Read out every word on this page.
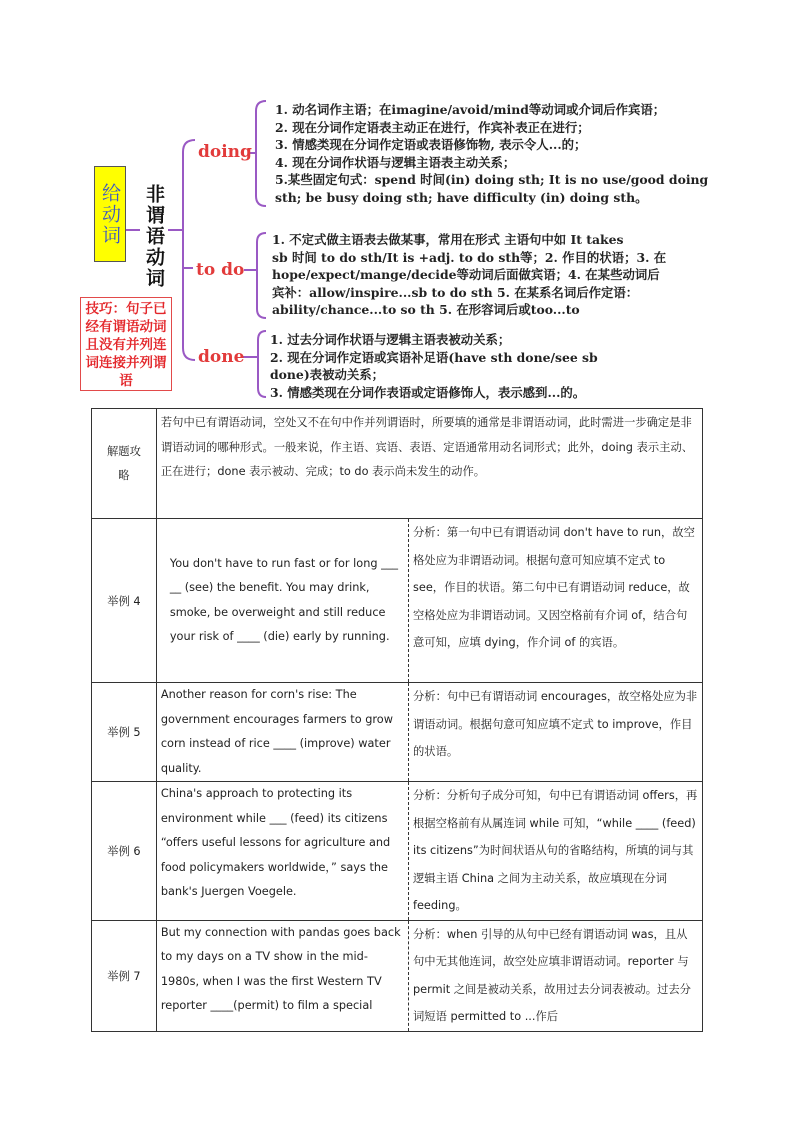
给动词 非谓语动词
技巧：句子已经有谓语动词且没有并列连词连接并列谓语
doing
to do
done
1. 动名词作主语；在imagine/avoid/mind等动词或介词后作宾语；
2. 现在分词作定语表主动正在进行，作宾补表正在进行；
3. 情感类现在分词作定语或表语修饰物, 表示令人...的；
4. 现在分词作状语与逻辑主语表主动关系；
5.某些固定句式：spend 时间(in) doing sth; It is no use/good doing
sth; be busy doing sth; have difficulty (in) doing sth。
1. 不定式做主语表去做某事，常用在形式 主语句中如 It takes
sb 时间 to do sth/It is +adj. to do sth等；2. 作目的状语；3. 在
hope/expect/mange/decide等动词后面做宾语；4. 在某些动词后
宾补：allow/inspire...sb to do sth 5. 在某系名词后作定语：
ability/chance...to so th 5. 在形容词后或too...to
1. 过去分词作状语与逻辑主语表被动关系；
2. 现在分词作定语或宾语补足语(have sth done/see sb
done)表被动关系；
3. 情感类现在分词作表语或定语修饰人，表示感到...的。
解题攻略	若句中已有谓语动词，空处又不在句中作并列谓语时，所要填的通常是非谓语动词，此时需进一步确定是非谓语动词的哪种形式。一般来说，作主语、宾语、表语、定语通常用动名词形式；此外，doing 表示主动、正在进行；done 表示被动、完成；to do 表示尚未发生的动作。	

举例 4	You don't have to run fast or for long ___ __ (see) the benefit. You may drink, smoke, be overweight and still reduce your risk of ____ (die) early by running.	分析：第一句中已有谓语动词 don't have to run，故空格处应为非谓语动词。根据句意可知应填不定式 to see，作目的状语。第二句中已有谓语动词 reduce，故空格处应为非谓语动词。又因空格前有介词 of，结合句意可知，应填 dying，作介词 of 的宾语。

举例 5	Another reason for corn's rise: The government encourages farmers to grow corn instead of rice ____ (improve) water quality.	分析：句中已有谓语动词 encourages，故空格处应为非谓语动词。根据句意可知应填不定式 to improve，作目的状语。

举例 6	China's approach to protecting its environment while ___ (feed) its citizens “offers useful lessons for agriculture and food policymakers worldwide，” says the bank's Juergen Voegele.	分析：分析句子成分可知，句中已有谓语动词 offers，再根据空格前有从属连词 while 可知，“while ____ (feed) its citizens”为时间状语从句的省略结构，所填的词与其逻辑主语 China 之间为主动关系，故应填现在分词 feeding。

举例 7	But my connection with pandas goes back to my days on a TV show in the mid-1980s, when I was the first Western TV reporter ____(permit) to film a special	分析：when 引导的从句中已经有谓语动词 was，且从句中无其他连词，故空处应填非谓语动词。reporter 与 permit 之间是被动关系，故用过去分词表被动。过去分词短语 permitted to ...作后
